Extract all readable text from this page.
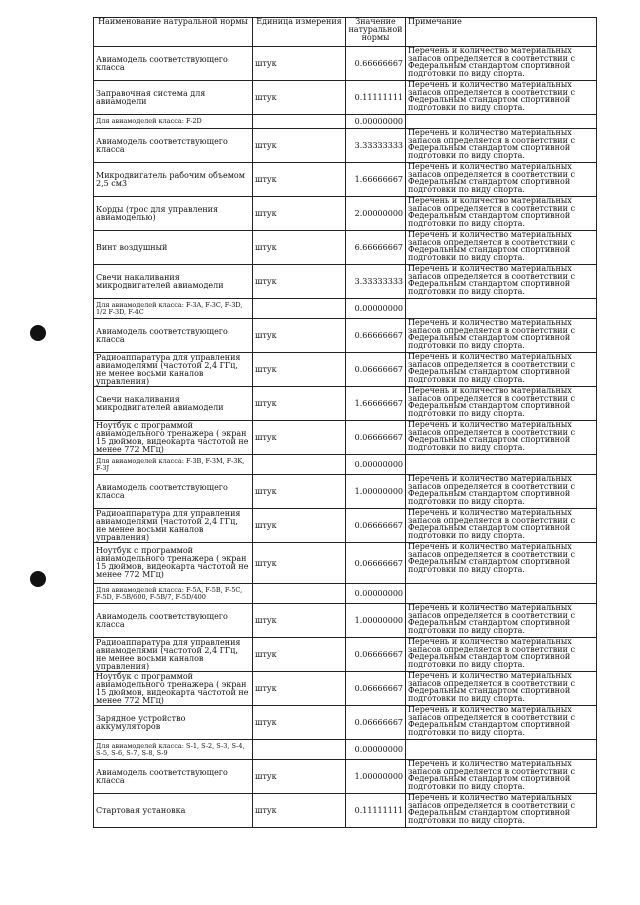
Наименование натуральной нормы	Единица измерения	Значение натуральной нормы	Примечание
Авиамодель соответствующего класса	штук	0.66666667	Перечень и количество материальных запасов определяется в соответствии с Федеральным стандартом спортивной подготовки по виду спорта.
Заправочная система для авиамодели	штук	0.11111111	Перечень и количество материальных запасов определяется в соответствии с Федеральным стандартом спортивной подготовки по виду спорта.
Для авиамоделей класса: F-2D		0.00000000	
Авиамодель соответствующего класса	штук	3.33333333	Перечень и количество материальных запасов определяется в соответствии с Федеральным стандартом спортивной подготовки по виду спорта.
Микродвигатель рабочим объемом 2,5 см3	штук	1.66666667	Перечень и количество материальных запасов определяется в соответствии с Федеральным стандартом спортивной подготовки по виду спорта.
Корды (трос для управления авиамоделью)	штук	2.00000000	Перечень и количество материальных запасов определяется в соответствии с Федеральным стандартом спортивной подготовки по виду спорта.
Винт воздушный	штук	6.66666667	Перечень и количество материальных запасов определяется в соответствии с Федеральным стандартом спортивной подготовки по виду спорта.
Свечи накаливания микродвигателей авиамодели	штук	3.33333333	Перечень и количество материальных запасов определяется в соответствии с Федеральным стандартом спортивной подготовки по виду спорта.
Для авиамоделей класса: F-3A, F-3C, F-3D, 1/2 F-3D, F-4C		0.00000000	
Авиамодель соответствующего класса	штук	0.66666667	Перечень и количество материальных запасов определяется в соответствии с Федеральным стандартом спортивной подготовки по виду спорта.
Радиоаппаратура для управления авиамоделями (частотой 2,4 ГГц, не менее восьми каналов управления)	штук	0.06666667	Перечень и количество материальных запасов определяется в соответствии с Федеральным стандартом спортивной подготовки по виду спорта.
Свечи накаливания микродвигателей авиамодели	штук	1.66666667	Перечень и количество материальных запасов определяется в соответствии с Федеральным стандартом спортивной подготовки по виду спорта.
Ноутбук с программой авиамодельного тренажера ( экран 15 дюймов, видеокарта частотой не менее 772 МГц)	штук	0.06666667	Перечень и количество материальных запасов определяется в соответствии с Федеральным стандартом спортивной подготовки по виду спорта.
Для авиамоделей класса: F-3B, F-3M, F-3K, F-3J		0.00000000	
Авиамодель соответствующего класса	штук	1.00000000	Перечень и количество материальных запасов определяется в соответствии с Федеральным стандартом спортивной подготовки по виду спорта.
Радиоаппаратура для управления авиамоделями (частотой 2,4 ГГц, не менее восьми каналов управления)	штук	0.06666667	Перечень и количество материальных запасов определяется в соответствии с Федеральным стандартом спортивной подготовки по виду спорта.
Ноутбук с программой авиамодельного тренажера ( экран 15 дюймов, видеокарта частотой не менее 772 МГц)	штук	0.06666667	Перечень и количество материальных запасов определяется в соответствии с Федеральным стандартом спортивной подготовки по виду спорта.
Для авиамоделей класса: F-5A, F-5B, F-5C, F-5D, F-5B/600, F-5B/7, F-5D/400		0.00000000	
Авиамодель соответствующего класса	штук	1.00000000	Перечень и количество материальных запасов определяется в соответствии с Федеральным стандартом спортивной подготовки по виду спорта.
Радиоаппаратура для управления авиамоделями (частотой 2,4 ГГц, не менее восьми каналов управления)	штук	0.06666667	Перечень и количество материальных запасов определяется в соответствии с Федеральным стандартом спортивной подготовки по виду спорта.
Ноутбук с программой авиамодельного тренажера ( экран 15 дюймов, видеокарта частотой не менее 772 МГц)	штук	0.06666667	Перечень и количество материальных запасов определяется в соответствии с Федеральным стандартом спортивной подготовки по виду спорта.
Зарядное устройство аккумуляторов	штук	0.06666667	Перечень и количество материальных запасов определяется в соответствии с Федеральным стандартом спортивной подготовки по виду спорта.
Для авиамоделей класса: S-1, S-2, S-3, S-4, S-5, S-6, S-7, S-8, S-9		0.00000000	
Авиамодель соответствующего класса	штук	1.00000000	Перечень и количество материальных запасов определяется в соответствии с Федеральным стандартом спортивной подготовки по виду спорта.
Стартовая установка	штук	0.11111111	Перечень и количество материальных запасов определяется в соответствии с Федеральным стандартом спортивной подготовки по виду спорта.
